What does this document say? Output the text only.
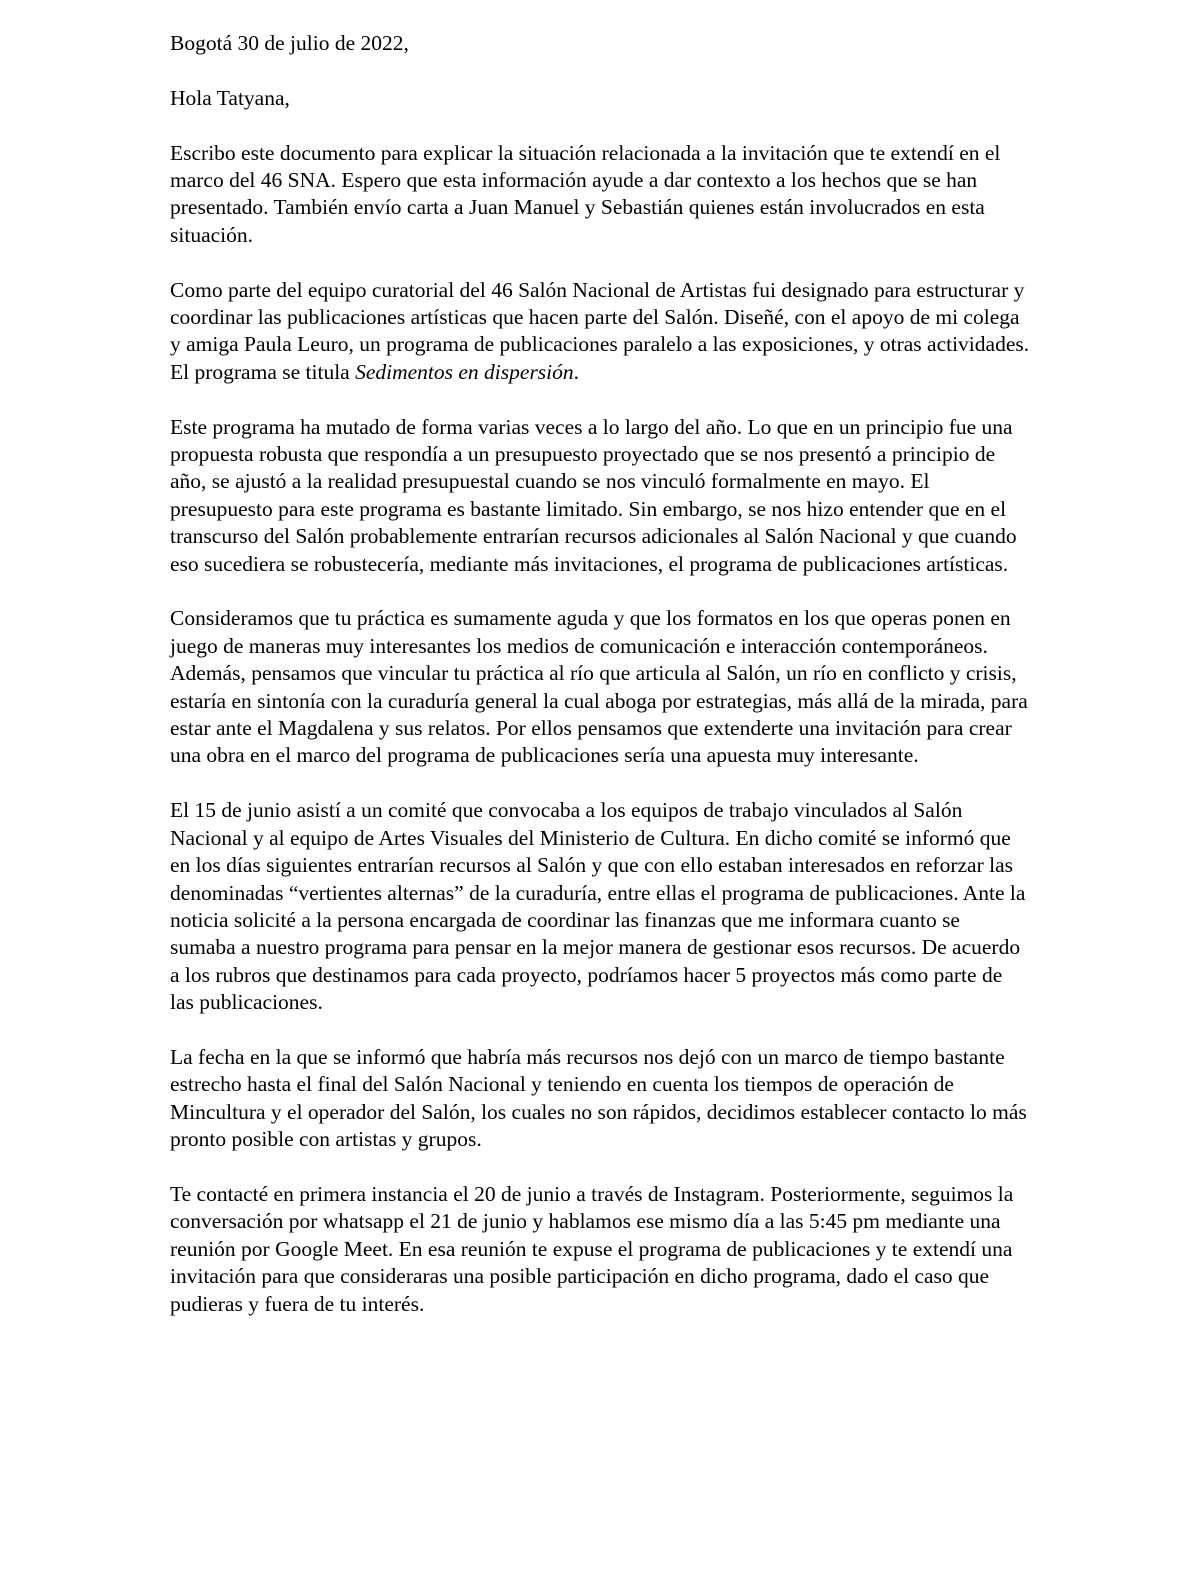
Bogotá 30 de julio de 2022,

Hola Tatyana,

Escribo este documento para explicar la situación relacionada a la invitación que te extendí en el marco del 46 SNA. Espero que esta información ayude a dar contexto a los hechos que se han presentado. También envío carta a Juan Manuel y Sebastián quienes están involucrados en esta situación.

Como parte del equipo curatorial del 46 Salón Nacional de Artistas fui designado para estructurar y coordinar las publicaciones artísticas que hacen parte del Salón. Diseñé, con el apoyo de mi colega y amiga Paula Leuro, un programa de publicaciones paralelo a las exposiciones, y otras actividades. El programa se titula Sedimentos en dispersión.

Este programa ha mutado de forma varias veces a lo largo del año. Lo que en un principio fue una propuesta robusta que respondía a un presupuesto proyectado que se nos presentó a principio de año, se ajustó a la realidad presupuestal cuando se nos vinculó formalmente en mayo. El presupuesto para este programa es bastante limitado. Sin embargo, se nos hizo entender que en el transcurso del Salón probablemente entrarían recursos adicionales al Salón Nacional y que cuando eso sucediera se robustecería, mediante más invitaciones, el programa de publicaciones artísticas.

Consideramos que tu práctica es sumamente aguda y que los formatos en los que operas ponen en juego de maneras muy interesantes los medios de comunicación e interacción contemporáneos. Además, pensamos que vincular tu práctica al río que articula al Salón, un río en conflicto y crisis, estaría en sintonía con la curaduría general la cual aboga por estrategias, más allá de la mirada, para estar ante el Magdalena y sus relatos. Por ellos pensamos que extenderte una invitación para crear una obra en el marco del programa de publicaciones sería una apuesta muy interesante.

El 15 de junio asistí a un comité que convocaba a los equipos de trabajo vinculados al Salón Nacional y al equipo de Artes Visuales del Ministerio de Cultura. En dicho comité se informó que en los días siguientes entrarían recursos al Salón y que con ello estaban interesados en reforzar las denominadas “vertientes alternas” de la curaduría, entre ellas el programa de publicaciones. Ante la noticia solicité a la persona encargada de coordinar las finanzas que me informara cuanto se sumaba a nuestro programa para pensar en la mejor manera de gestionar esos recursos. De acuerdo a los rubros que destinamos para cada proyecto, podríamos hacer 5 proyectos más como parte de las publicaciones.

La fecha en la que se informó que habría más recursos nos dejó con un marco de tiempo bastante estrecho hasta el final del Salón Nacional y teniendo en cuenta los tiempos de operación de Mincultura y el operador del Salón, los cuales no son rápidos, decidimos establecer contacto lo más pronto posible con artistas y grupos.

Te contacté en primera instancia el 20 de junio a través de Instagram. Posteriormente, seguimos la conversación por whatsapp el 21 de junio y hablamos ese mismo día a las 5:45 pm mediante una reunión por Google Meet. En esa reunión te expuse el programa de publicaciones y te extendí una invitación para que consideraras una posible participación en dicho programa, dado el caso que pudieras y fuera de tu interés.
